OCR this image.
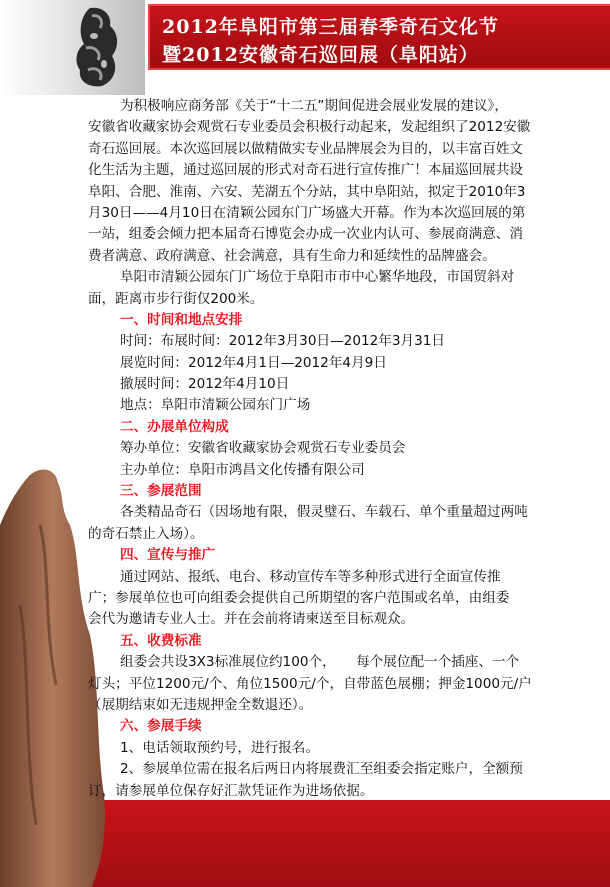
2012年阜阳市第三届春季奇石文化节
暨2012安徽奇石巡回展（阜阳站）
为积极响应商务部《关于“十二五”期间促进会展业发展的建议》，
安徽省收藏家协会观赏石专业委员会积极行动起来，发起组织了2012安徽
奇石巡回展。本次巡回展以做精做实专业品牌展会为目的，以丰富百姓文
化生活为主题，通过巡回展的形式对奇石进行宣传推广！本届巡回展共设
阜阳、合肥、淮南、六安、芜湖五个分站，其中阜阳站，拟定于2010年3
月30日——4月10日在清颖公园东门广场盛大开幕。作为本次巡回展的第
一站，组委会倾力把本届奇石博览会办成一次业内认可、参展商满意、消
费者满意、政府满意、社会满意，具有生命力和延续性的品牌盛会。
阜阳市清颖公园东门广场位于阜阳市市中心繁华地段，市国贸斜对
面，距离市步行街仅200米。
一、时间和地点安排
时间：布展时间：2012年3月30日—2012年3月31日
展览时间：2012年4月1日—2012年4月9日
撤展时间：2012年4月10日
地点：阜阳市清颖公园东门广场
二、办展单位构成
筹办单位：安徽省收藏家协会观赏石专业委员会
主办单位：阜阳市鸿昌文化传播有限公司
三、参展范围
各类精品奇石（因场地有限，假灵璧石、车载石、单个重量超过两吨
的奇石禁止入场）。
四、宣传与推广
通过网站、报纸、电台、移动宣传车等多种形式进行全面宣传推
广；参展单位也可向组委会提供自己所期望的客户范围或名单，由组委
会代为邀请专业人士。并在会前将请柬送至目标观众。
五、收费标准
组委会共设3X3标准展位约100个，　　每个展位配一个插座、一个
灯头；平位1200元/个、角位1500元/个，自带蓝色展棚；押金1000元/户
（展期结束如无违规押金全数退还）。
六、参展手续
1、电话领取预约号，进行报名。
2、参展单位需在报名后两日内将展费汇至组委会指定账户，全额预
订，请参展单位保存好汇款凭证作为进场依据。
